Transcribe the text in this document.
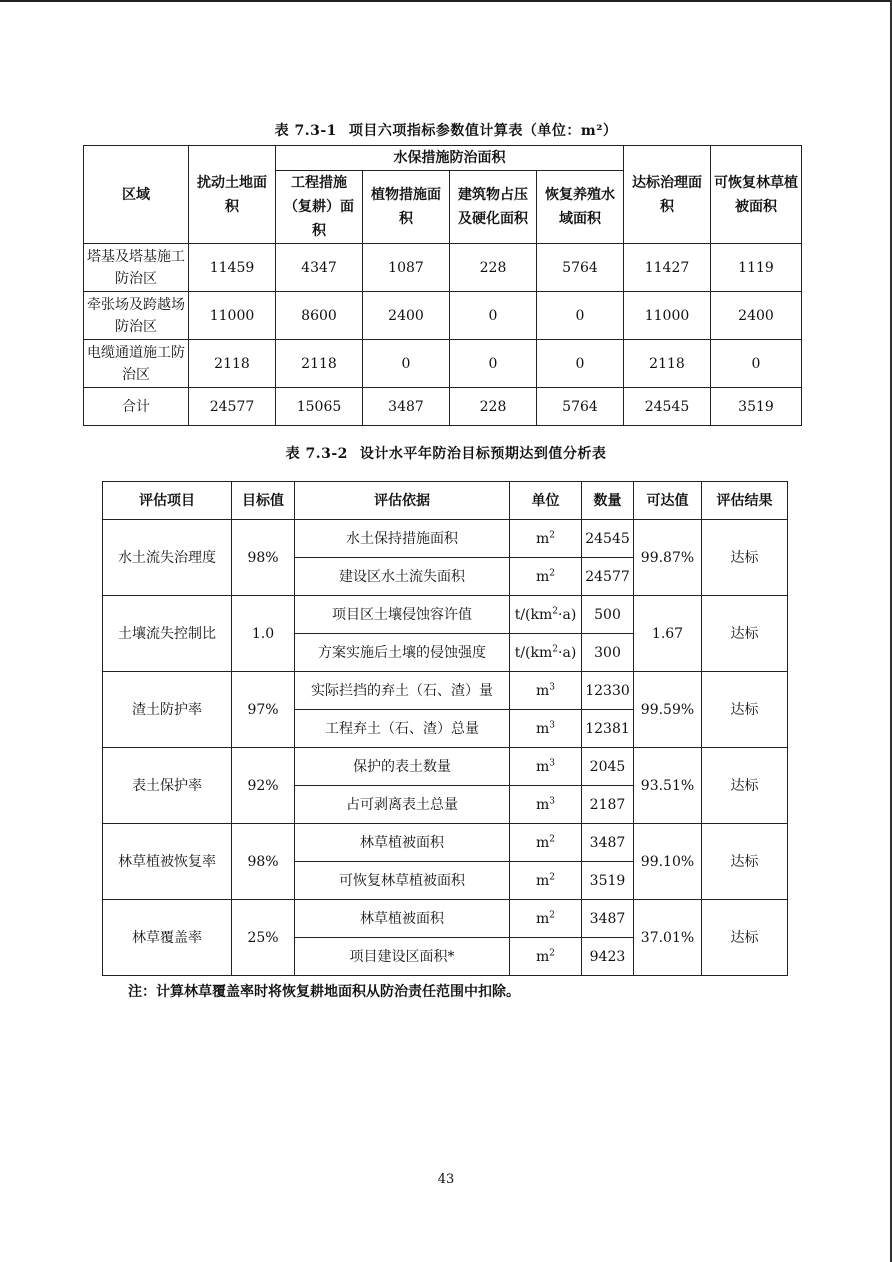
表 7.3-1 项目六项指标参数值计算表（单位：m²）
区域	扰动土地面积	水保措施防治面积				达标治理面积	可恢复林草植被面积
		工程措施（复耕）面积	植物措施面积	建筑物占压及硬化面积	恢复养殖水域面积		
塔基及塔基施工防治区	11459	4347	1087	228	5764	11427	1119
牵张场及跨越场防治区	11000	8600	2400	0	0	11000	2400
电缆通道施工防治区	2118	2118	0	0	0	2118	0
合计	24577	15065	3487	228	5764	24545	3519
表 7.3-2 设计水平年防治目标预期达到值分析表
评估项目	目标值	评估依据	单位	数量	可达值	评估结果
水土流失治理度	98%	水土保持措施面积	$m^2$	24545	99.87%	达标
		建设区水土流失面积	$m^2$	24577		
土壤流失控制比	1.0	项目区土壤侵蚀容许值	$t/(km^2\cdot a)$	500	1.67	达标
		方案实施后土壤的侵蚀强度	$t/(km^2\cdot a)$	300		
渣土防护率	97%	实际拦挡的弃土（石、渣）量	$m^3$	12330	99.59%	达标
		工程弃土（石、渣）总量	$m^3$	12381		
表土保护率	92%	保护的表土数量	$m^3$	2045	93.51%	达标
		占可剥离表土总量	$m^3$	2187		
林草植被恢复率	98%	林草植被面积	$m^2$	3487	99.10%	达标
		可恢复林草植被面积	$m^2$	3519		
林草覆盖率	25%	林草植被面积	$m^2$	3487	37.01%	达标
		项目建设区面积*	$m^2$	9423		
注：计算林草覆盖率时将恢复耕地面积从防治责任范围中扣除。
43
